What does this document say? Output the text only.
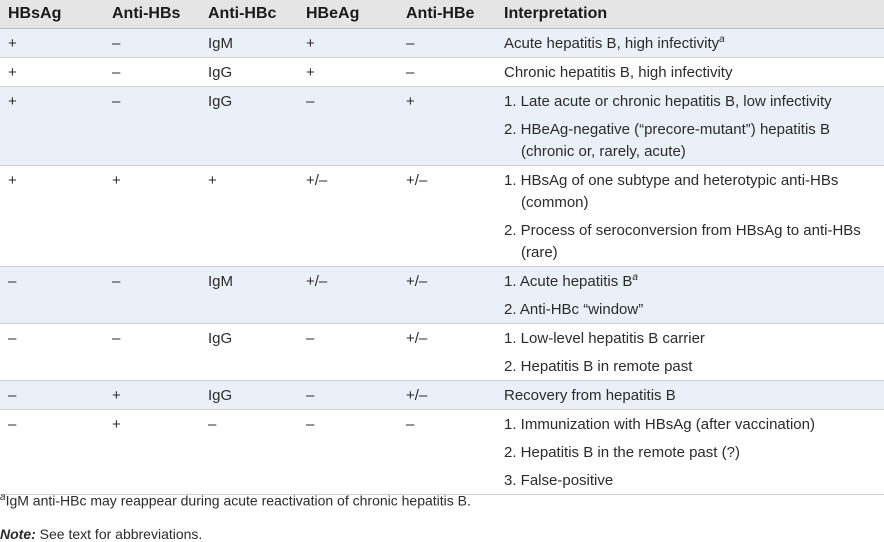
HBsAg	Anti-HBs	Anti-HBc	HBeAg	Anti-HBe	Interpretation
+	–	IgM	+	–	Acute hepatitis B, high infectivity$^a$

+	–	IgG	+	–	Chronic hepatitis B, high infectivity

+	–	IgG	–	+	1. Late acute or chronic hepatitis B, low infectivity
2. HBeAg-negative (“precore-mutant”) hepatitis B (chronic or, rarely, acute)

+	+	+	+/–	+/–	1. HBsAg of one subtype and heterotypic anti-HBs (common)
2. Process of seroconversion from HBsAg to anti-HBs (rare)

–	–	IgM	+/–	+/–	1. Acute hepatitis B$^a$
2. Anti-HBc “window”

–	–	IgG	–	+/–	1. Low-level hepatitis B carrier
2. Hepatitis B in remote past

–	+	IgG	–	+/–	Recovery from hepatitis B

–	+	–	–	–	1. Immunization with HBsAg (after vaccination)
2. Hepatitis B in the remote past (?)
3. False-positive
$^a$IgM anti-HBc may reappear during acute reactivation of chronic hepatitis B.
Note: See text for abbreviations.
